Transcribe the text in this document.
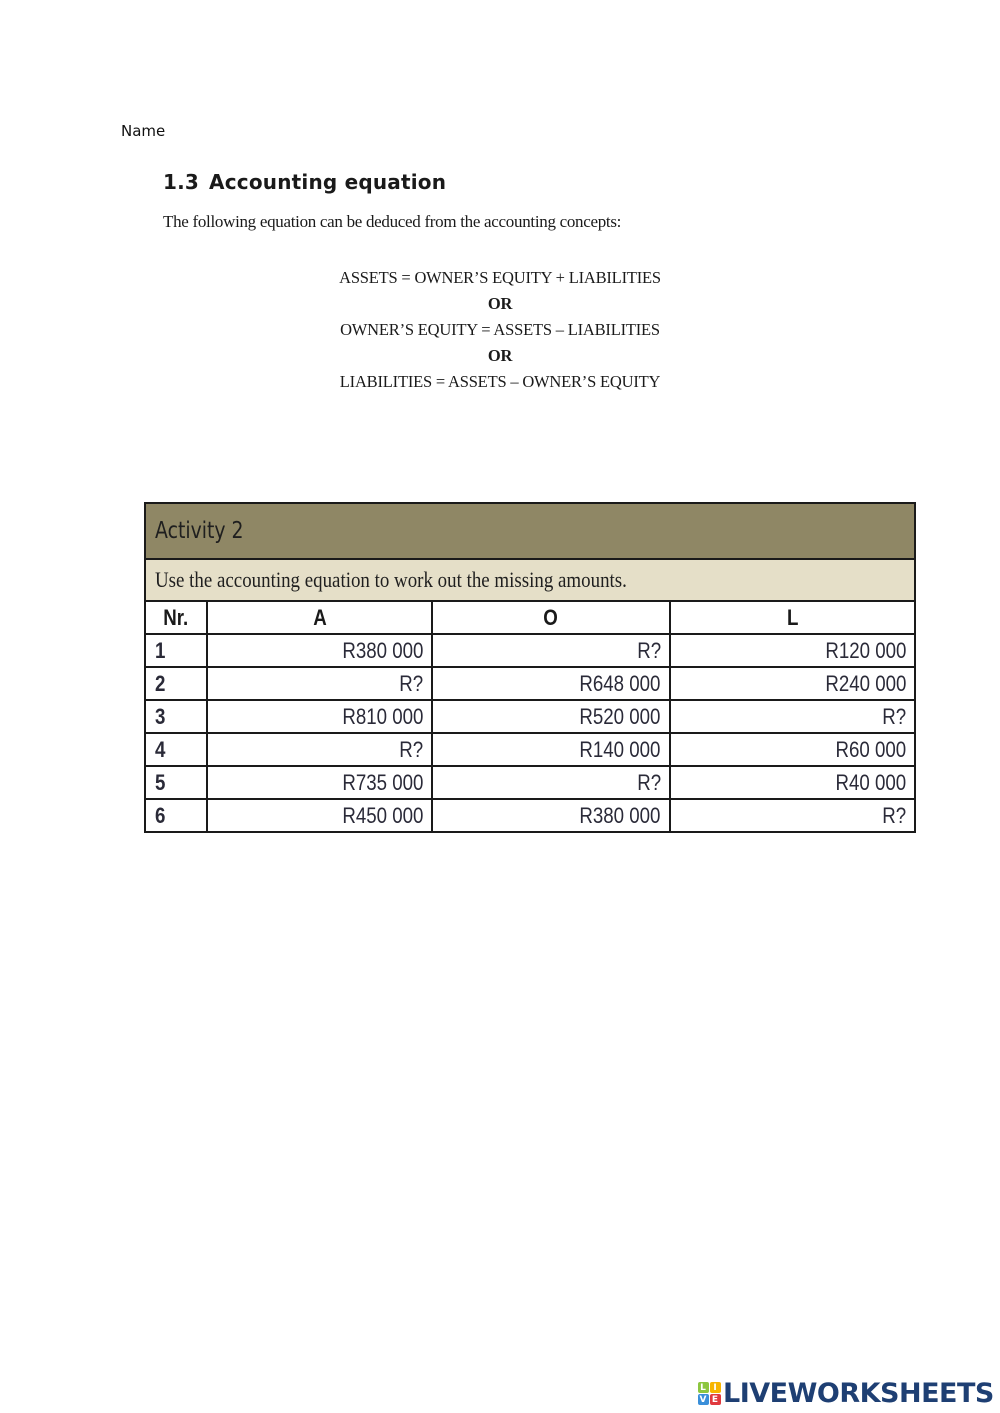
Name
1.3 Accounting equation
The following equation can be deduced from the accounting concepts:
ASSETS = OWNER’S EQUITY + LIABILITIES
OR
OWNER’S EQUITY = ASSETS – LIABILITIES
OR
LIABILITIES = ASSETS – OWNER’S EQUITY
Activity 2			
Use the accounting equation to work out the missing amounts.			
Nr.	A	O	L
1	R380 000	R?	R120 000
2	R?	R648 000	R240 000
3	R810 000	R520 000	R?
4	R?	R140 000	R60 000
5	R735 000	R?	R40 000
6	R450 000	R380 000	R?
L I
V E LIVEWORKSHEETS
